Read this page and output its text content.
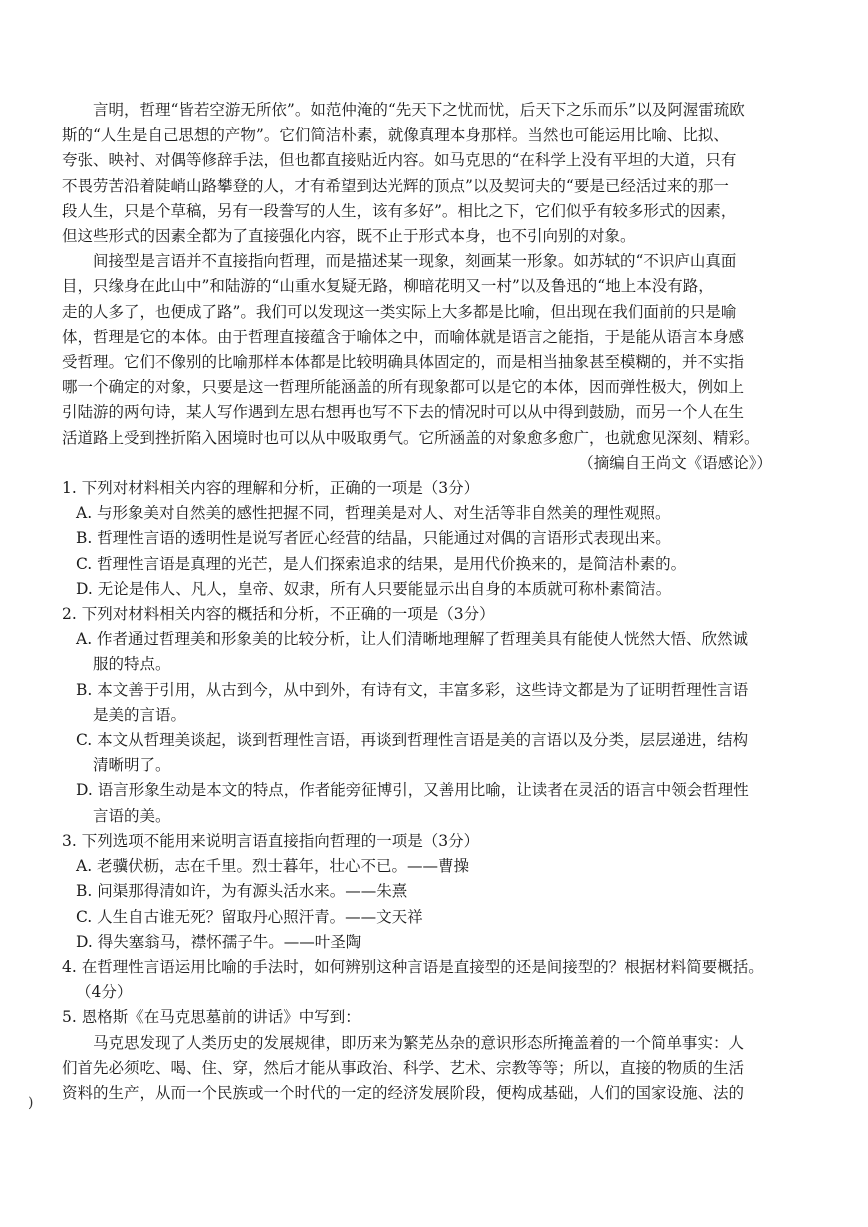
言明，哲理“皆若空游无所依”。如范仲淹的“先天下之忧而忧，后天下之乐而乐”以及阿渥雷琉欧
斯的“人生是自己思想的产物”。它们简洁朴素，就像真理本身那样。当然也可能运用比喻、比拟、
夸张、映衬、对偶等修辞手法，但也都直接贴近内容。如马克思的“在科学上没有平坦的大道，只有
不畏劳苦沿着陡峭山路攀登的人，才有希望到达光辉的顶点”以及契诃夫的“要是已经活过来的那一
段人生，只是个草稿，另有一段誊写的人生，该有多好”。相比之下，它们似乎有较多形式的因素，
但这些形式的因素全都为了直接强化内容，既不止于形式本身，也不引向别的对象。
间接型是言语并不直接指向哲理，而是描述某一现象，刻画某一形象。如苏轼的“不识庐山真面
目，只缘身在此山中”和陆游的“山重水复疑无路，柳暗花明又一村”以及鲁迅的“地上本没有路，
走的人多了，也便成了路”。我们可以发现这一类实际上大多都是比喻，但出现在我们面前的只是喻
体，哲理是它的本体。由于哲理直接蕴含于喻体之中，而喻体就是语言之能指，于是能从语言本身感
受哲理。它们不像别的比喻那样本体都是比较明确具体固定的，而是相当抽象甚至模糊的，并不实指
哪一个确定的对象，只要是这一哲理所能涵盖的所有现象都可以是它的本体，因而弹性极大，例如上
引陆游的两句诗，某人写作遇到左思右想再也写不下去的情况时可以从中得到鼓励，而另一个人在生
活道路上受到挫折陷入困境时也可以从中吸取勇气。它所涵盖的对象愈多愈广，也就愈见深刻、精彩。
（摘编自王尚文《语感论》）
1. 下列对材料相关内容的理解和分析，正确的一项是（3分）
A. 与形象美对自然美的感性把握不同，哲理美是对人、对生活等非自然美的理性观照。
B. 哲理性言语的透明性是说写者匠心经营的结晶，只能通过对偶的言语形式表现出来。
C. 哲理性言语是真理的光芒，是人们探索追求的结果，是用代价换来的，是简洁朴素的。
D. 无论是伟人、凡人，皇帝、奴隶，所有人只要能显示出自身的本质就可称朴素简洁。
2. 下列对材料相关内容的概括和分析，不正确的一项是（3分）
A. 作者通过哲理美和形象美的比较分析，让人们清晰地理解了哲理美具有能使人恍然大悟、欣然诚
服的特点。
B. 本文善于引用，从古到今，从中到外，有诗有文，丰富多彩，这些诗文都是为了证明哲理性言语
是美的言语。
C. 本文从哲理美谈起，谈到哲理性言语，再谈到哲理性言语是美的言语以及分类，层层递进，结构
清晰明了。
D. 语言形象生动是本文的特点，作者能旁征博引，又善用比喻，让读者在灵活的语言中领会哲理性
言语的美。
3. 下列选项不能用来说明言语直接指向哲理的一项是（3分）
A. 老骥伏枥，志在千里。烈士暮年，壮心不已。——曹操
B. 问渠那得清如许，为有源头活水来。——朱熹
C. 人生自古谁无死？留取丹心照汗青。——文天祥
D. 得失塞翁马，襟怀孺子牛。——叶圣陶
4. 在哲理性言语运用比喻的手法时，如何辨别这种言语是直接型的还是间接型的？根据材料简要概括。
（4分）
5. 恩格斯《在马克思墓前的讲话》中写到：
马克思发现了人类历史的发展规律，即历来为繁芜丛杂的意识形态所掩盖着的一个简单事实：人
们首先必须吃、喝、住、穿，然后才能从事政治、科学、艺术、宗教等等；所以，直接的物质的生活
资料的生产，从而一个民族或一个时代的一定的经济发展阶段，便构成基础，人们的国家设施、法的
)
